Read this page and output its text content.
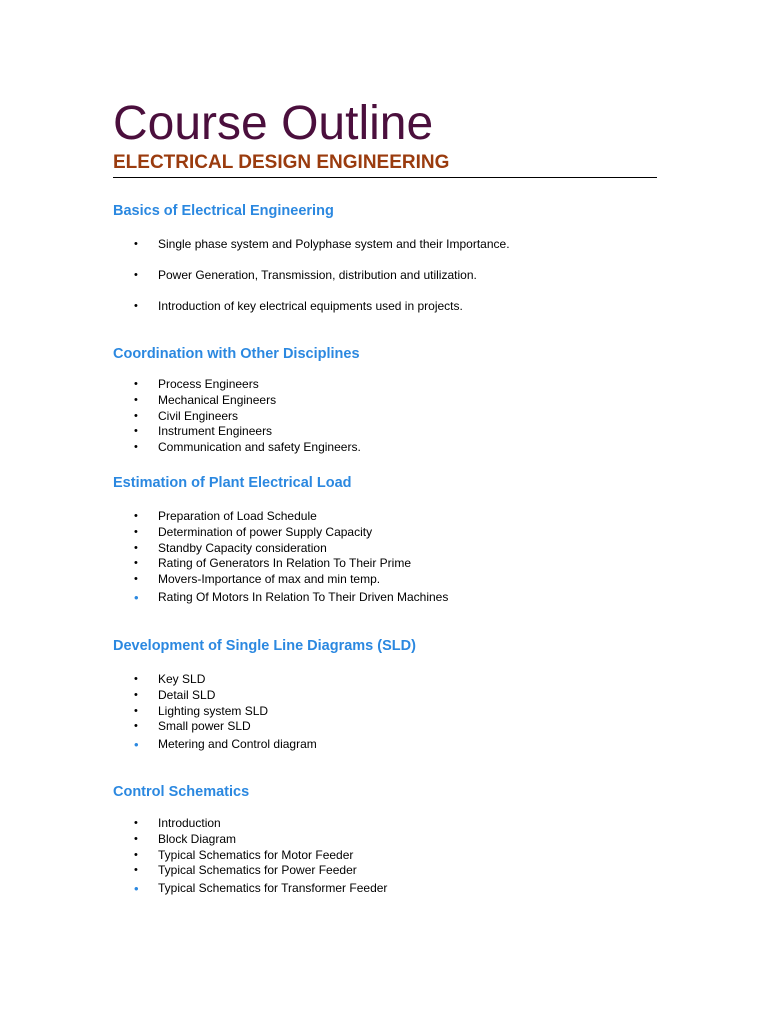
Course Outline
ELECTRICAL DESIGN ENGINEERING
Basics of Electrical Engineering
• Single phase system and Polyphase system and their Importance.
• Power Generation, Transmission, distribution and utilization.
• Introduction of key electrical equipments used in projects.
Coordination with Other Disciplines
• Process Engineers
• Mechanical Engineers
• Civil Engineers
• Instrument Engineers
• Communication and safety Engineers.
Estimation of Plant Electrical Load
• Preparation of Load Schedule
• Determination of power Supply Capacity
• Standby Capacity consideration
• Rating of Generators In Relation To Their Prime
• Movers-Importance of max and min temp.
• Rating Of Motors In Relation To Their Driven Machines
Development of Single Line Diagrams (SLD)
• Key SLD
• Detail SLD
• Lighting system SLD
• Small power SLD
• Metering and Control diagram
Control Schematics
• Introduction
• Block Diagram
• Typical Schematics for Motor Feeder
• Typical Schematics for Power Feeder
• Typical Schematics for Transformer Feeder
